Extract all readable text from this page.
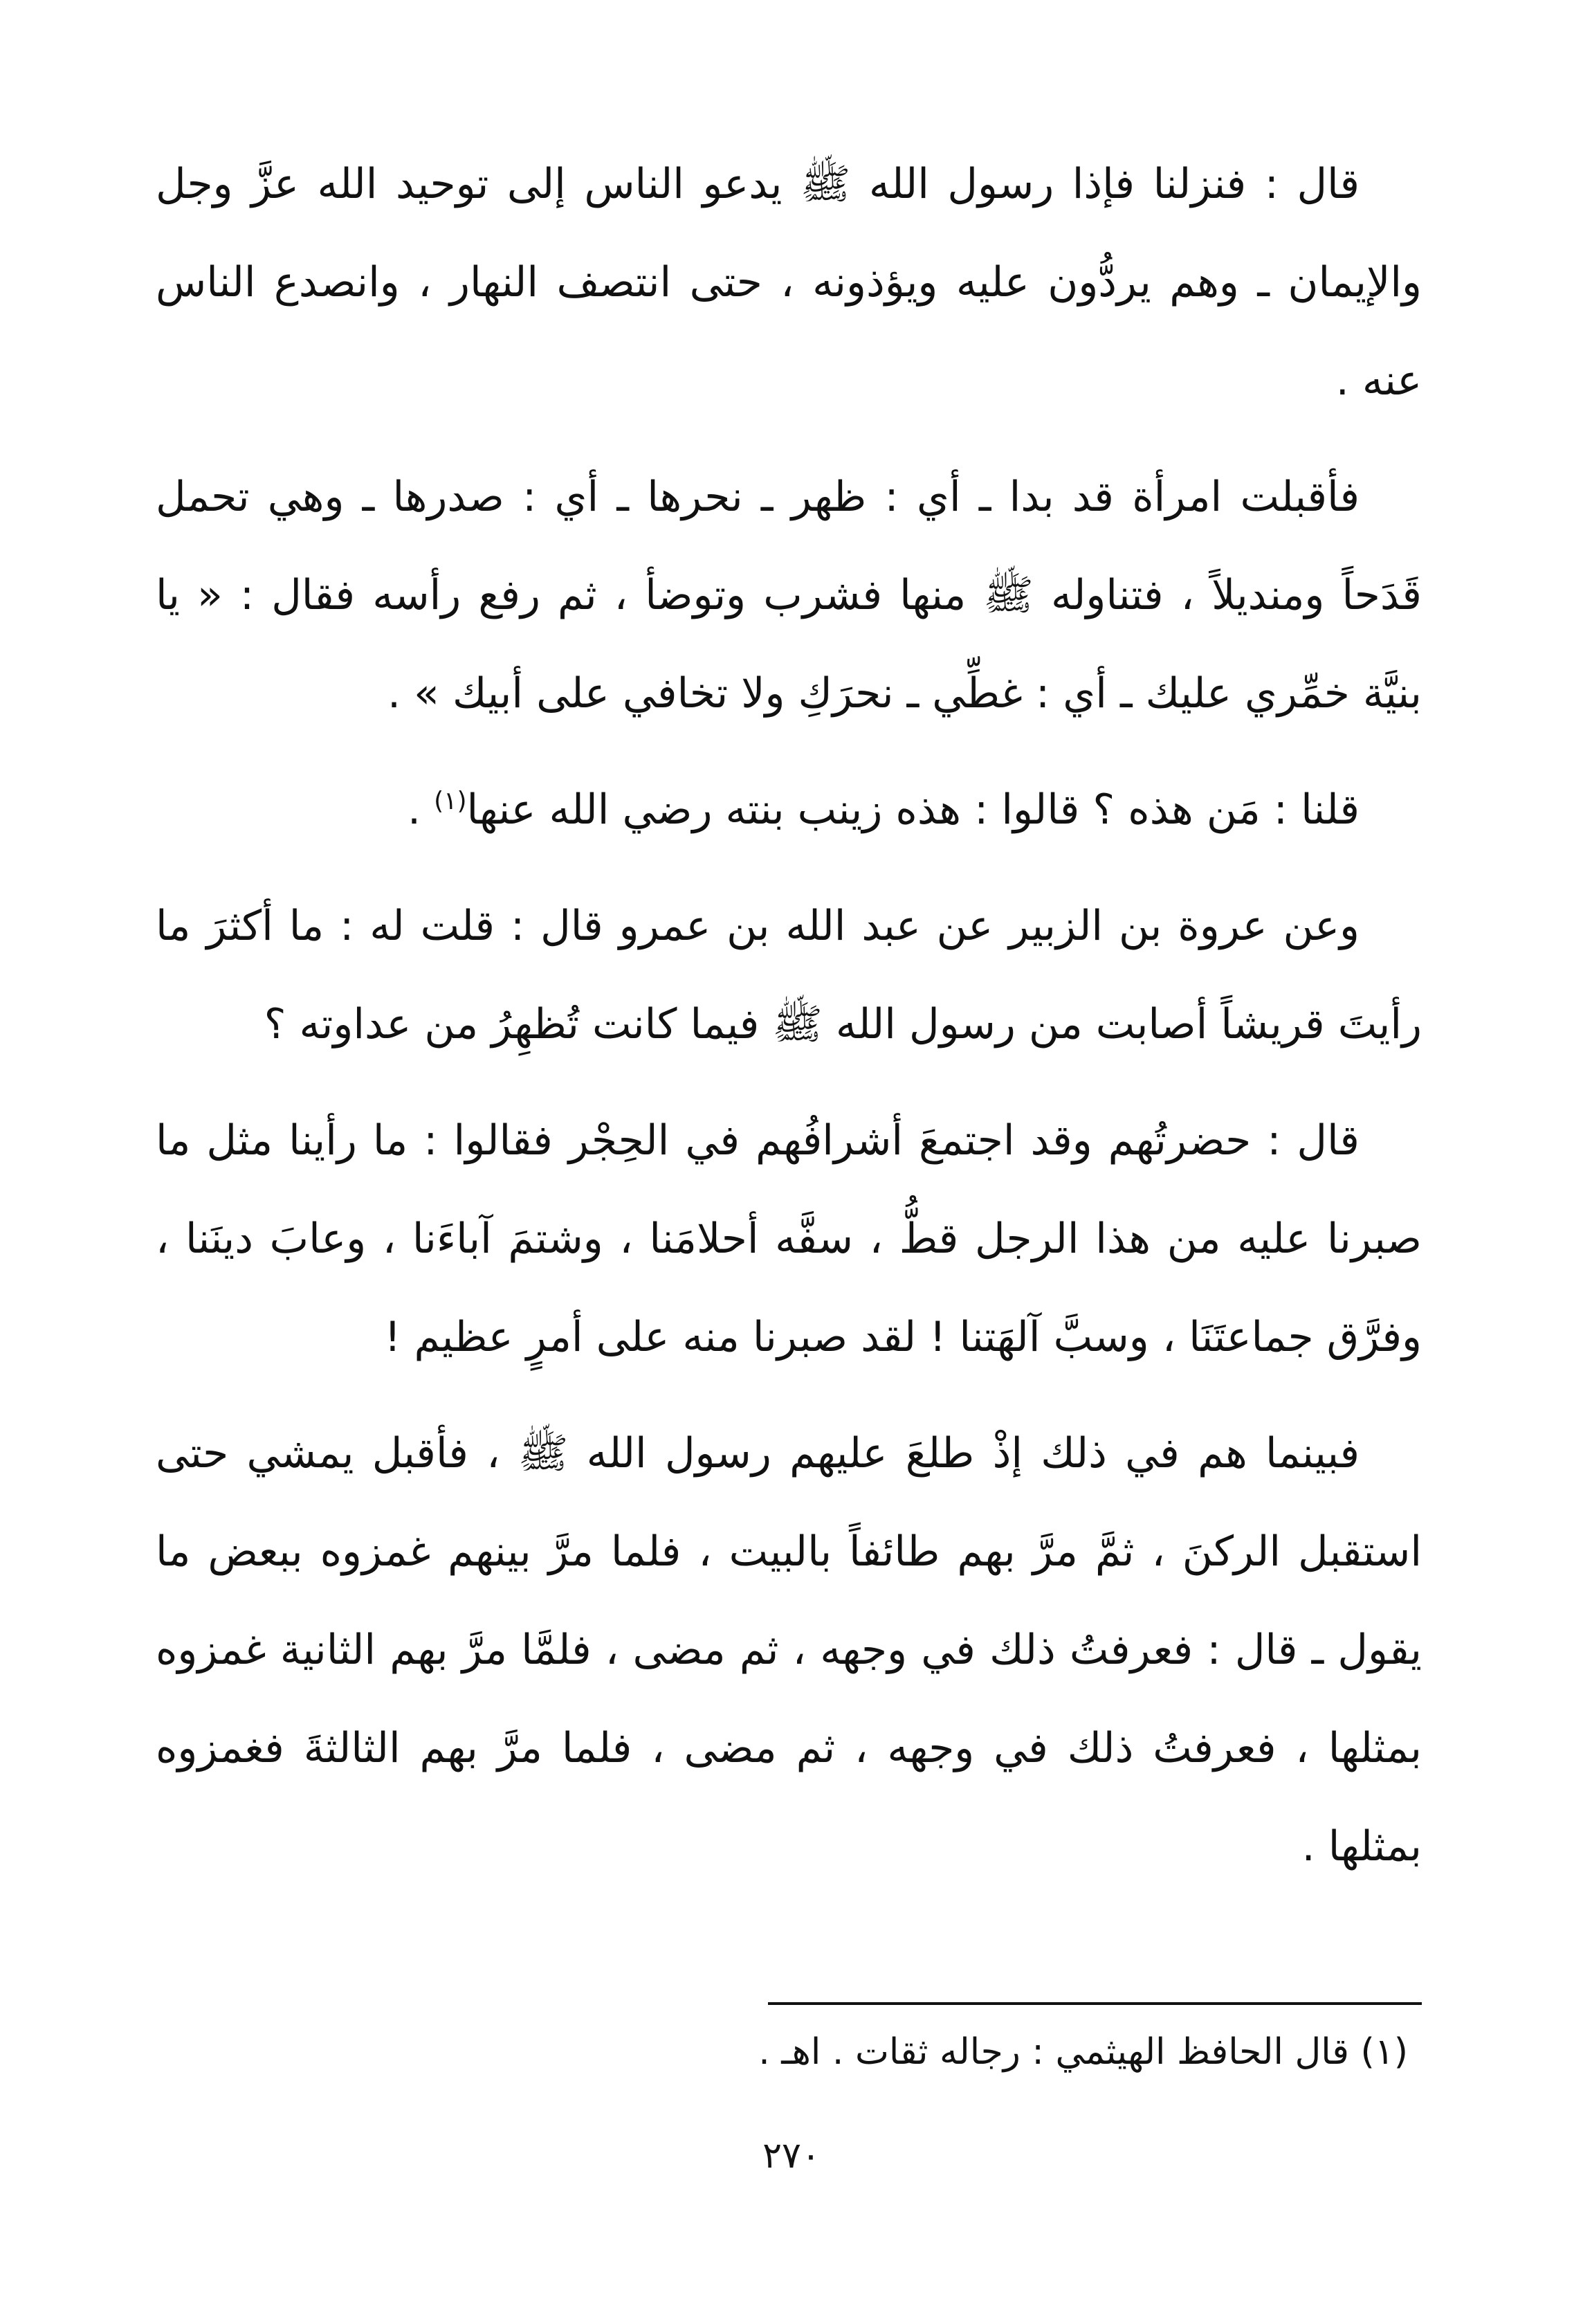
قال : فنزلنا فإذا رسول الله ﷺ يدعو الناس إلى توحيد الله عزَّ وجل والإيمان ـ وهم يردُّون عليه ويؤذونه ، حتى انتصف النهار ، وانصدع الناس عنه .

فأقبلت امرأة قد بدا ـ أي : ظهر ـ نحرها ـ أي : صدرها ـ وهي تحمل قَدَحاً ومنديلاً ، فتناوله ﷺ منها فشرب وتوضأ ، ثم رفع رأسه فقال : « يا بنيَّة خمِّري عليك ـ أي : غطِّي ـ نحرَكِ ولا تخافي على أبيك » .

قلنا : مَن هذه ؟ قالوا : هذه زينب بنته رضي الله عنها$^{(١)}$ .

وعن عروة بن الزبير عن عبد الله بن عمرو قال : قلت له : ما أكثرَ ما رأيتَ قريشاً أصابت من رسول الله ﷺ فيما كانت تُظهِرُ من عداوته ؟

قال : حضرتُهم وقد اجتمعَ أشرافُهم في الحِجْر فقالوا : ما رأينا مثل ما صبرنا عليه من هذا الرجل قطُّ ، سفَّه أحلامَنا ، وشتمَ آباءَنا ، وعابَ دينَنا ، وفرَّق جماعتَنَا ، وسبَّ آلهَتنا ! لقد صبرنا منه على أمرٍ عظيم !

فبينما هم في ذلك إذْ طلعَ عليهم رسول الله ﷺ ، فأقبل يمشي حتى استقبل الركنَ ، ثمَّ مرَّ بهم طائفاً بالبيت ، فلما مرَّ بينهم غمزوه ببعض ما يقول ـ قال : فعرفتُ ذلك في وجهه ، ثم مضى ، فلمَّا مرَّ بهم الثانية غمزوه بمثلها ، فعرفتُ ذلك في وجهه ، ثم مضى ، فلما مرَّ بهم الثالثةَ فغمزوه بمثلها .

(١) قال الحافظ الهيثمي : رجاله ثقات . اهـ .

٢٧٠
